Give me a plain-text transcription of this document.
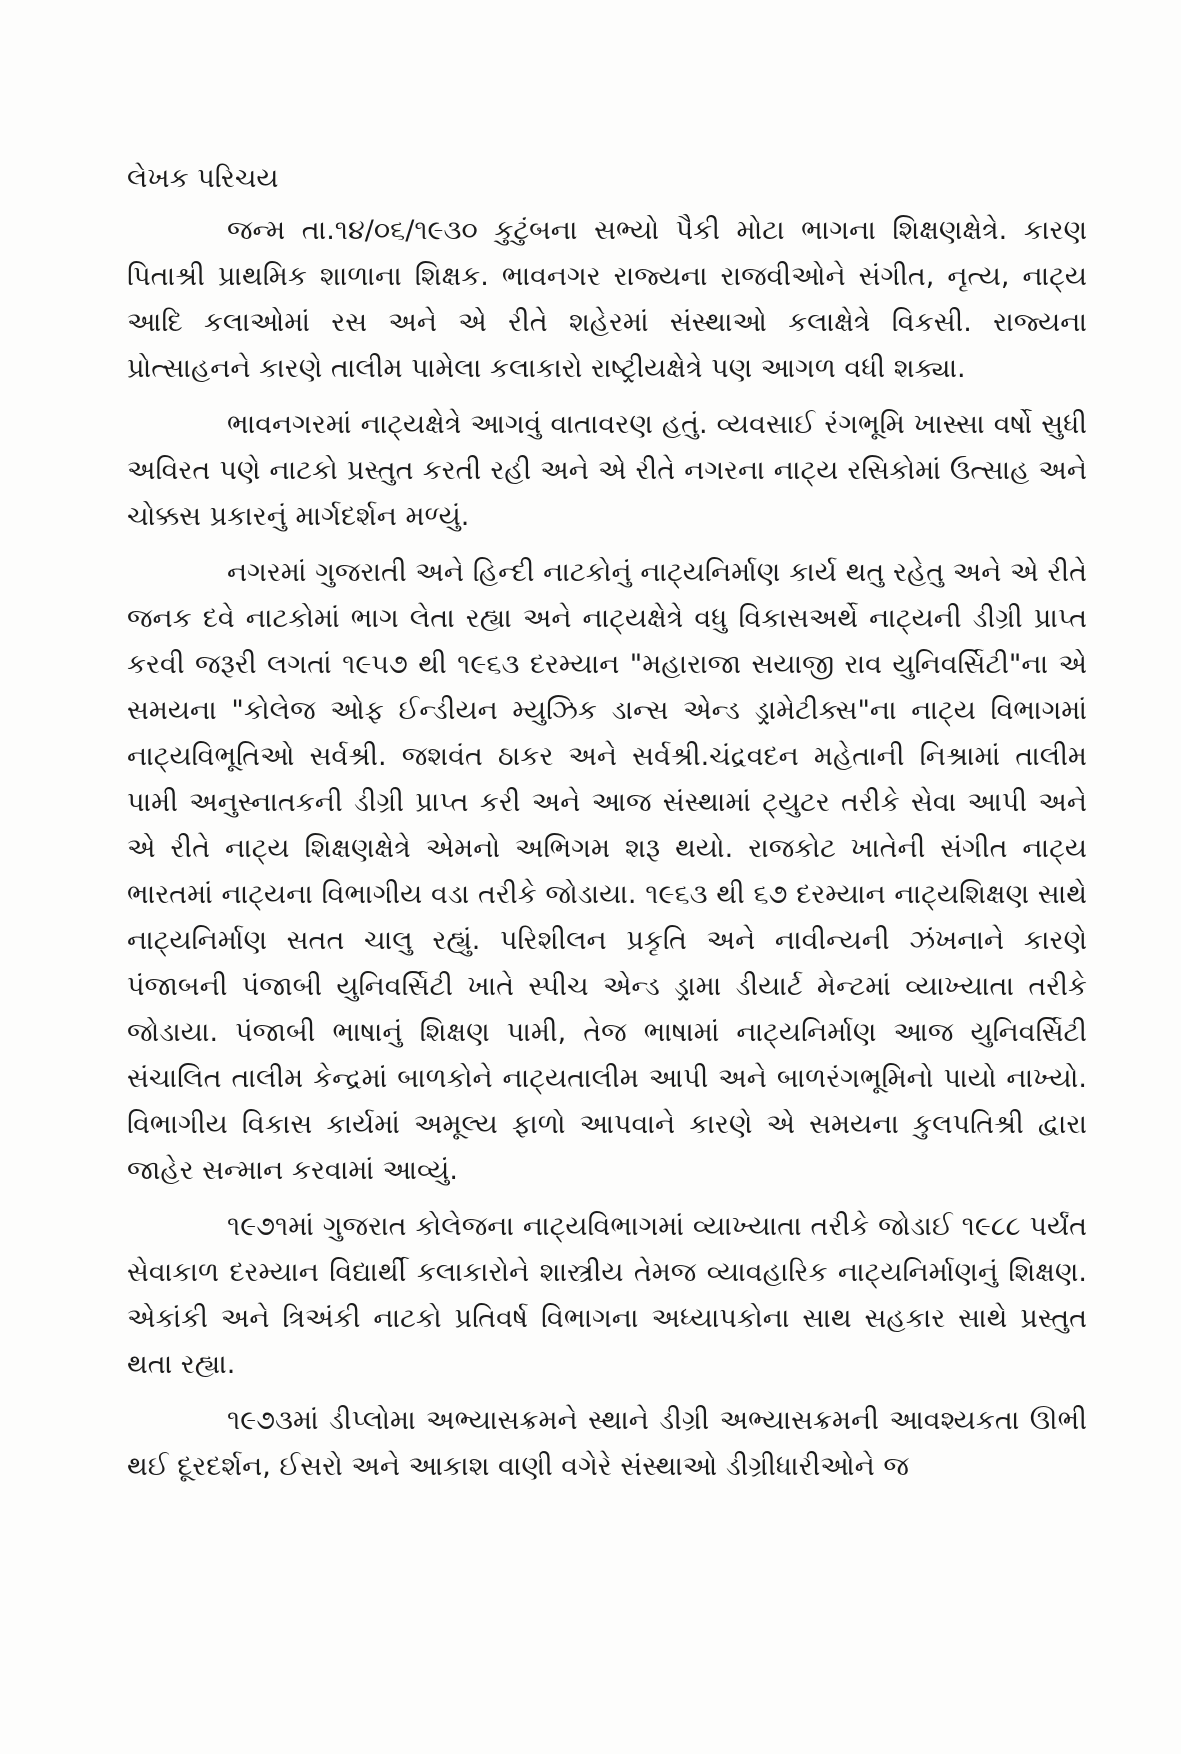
લેખક પરિચય

જન્મ તા.૧૪/૦૬/૧૯૩૦ કુટુંબના સભ્યો પૈકી મોટા ભાગના શિક્ષણક્ષેત્રે. કારણ પિતાશ્રી પ્રાથમિક શાળાના શિક્ષક. ભાવનગર રાજ્યના રાજવીઓને સંગીત, નૃત્ય, નાટ્ય આદિ કલાઓમાં રસ અને એ રીતે શહેરમાં સંસ્થાઓ કલાક્ષેત્રે વિકસી. રાજ્યના પ્રોત્સાહનને કારણે તાલીમ પામેલા કલાકારો રાષ્ટ્રીયક્ષેત્રે પણ આગળ વધી શક્યા.

ભાવનગરમાં નાટ્યક્ષેત્રે આગવું વાતાવરણ હતું. વ્યવસાઈ રંગભૂમિ ખાસ્સા વર્ષો સુધી અવિરત પણે નાટકો પ્રસ્તુત કરતી રહી અને એ રીતે નગરના નાટ્ય રસિકોમાં ઉત્સાહ અને ચોક્કસ પ્રકારનું માર્ગદર્શન મળ્યું.

નગરમાં ગુજરાતી અને હિન્દી નાટકોનું નાટ્યનિર્માણ કાર્ય થતુ રહેતુ અને એ રીતે જનક દવે નાટકોમાં ભાગ લેતા રહ્યા અને નાટ્યક્ષેત્રે વધુ વિકાસઅર્થે નાટ્યની ડીગ્રી પ્રાપ્ત કરવી જરૂરી લગતાં ૧૯૫૭ થી ૧૯૬૩ દરમ્યાન "મહારાજા સયાજી રાવ યુનિવર્સિટી"ના એ સમયના "કોલેજ ઓફ ઈન્ડીયન મ્યુઝિક ડાન્સ એન્ડ ડ્રામેટીક્સ"ના નાટ્ય વિભાગમાં નાટ્યવિભૂતિઓ સર્વશ્રી. જશવંત ઠાકર અને સર્વશ્રી.ચંદ્રવદન મહેતાની નિશ્રામાં તાલીમ પામી અનુસ્નાતકની ડીગ્રી પ્રાપ્ત કરી અને આજ સંસ્થામાં ટ્યુટર તરીકે સેવા આપી અને એ રીતે નાટ્ય શિક્ષણક્ષેત્રે એમનો અભિગમ શરૂ થયો. રાજકોટ ખાતેની સંગીત નાટ્ય ભારતમાં નાટ્યના વિભાગીય વડા તરીકે જોડાયા. ૧૯૬૩ થી ૬૭ દરમ્યાન નાટ્યશિક્ષણ સાથે નાટ્યનિર્માણ સતત ચાલુ રહ્યું. પરિશીલન પ્રકૃતિ અને નાવીન્યની ઝંખનાને કારણે પંજાબની પંજાબી યુનિવર્સિટી ખાતે સ્પીચ એન્ડ ડ્રામા ડીયાર્ટ મેન્ટમાં વ્યાખ્યાતા તરીકે જોડાયા. પંજાબી ભાષાનું શિક્ષણ પામી, તેજ ભાષામાં નાટ્યનિર્માણ આજ યુનિવર્સિટી સંચાલિત તાલીમ કેન્દ્રમાં બાળકોને નાટ્યતાલીમ આપી અને બાળરંગભૂમિનો પાયો નાખ્યો. વિભાગીય વિકાસ કાર્યમાં અમૂલ્ય ફાળો આપવાને કારણે એ સમયના કુલપતિશ્રી દ્વારા જાહેર સન્માન કરવામાં આવ્યું.

૧૯૭૧માં ગુજરાત કોલેજના નાટ્યવિભાગમાં વ્યાખ્યાતા તરીકે જોડાઈ ૧૯૮૮ પર્યંત સેવાકાળ દરમ્યાન વિદ્યાર્થી કલાકારોને શાસ્ત્રીય તેમજ વ્યાવહારિક નાટ્યનિર્માણનું શિક્ષણ. એકાંકી અને ત્રિઅંકી નાટકો પ્રતિવર્ષ વિભાગના અધ્યાપકોના સાથ સહકાર સાથે પ્રસ્તુત થતા રહ્યા.

૧૯૭૩માં ડીપ્લોમા અભ્યાસક્રમને સ્થાને ડીગ્રી અભ્યાસક્રમની આવશ્યકતા ઊભી થઈ દૂરદર્શન, ઈસરો અને આકાશ વાણી વગેરે સંસ્થાઓ ડીગ્રીધારીઓને જ
